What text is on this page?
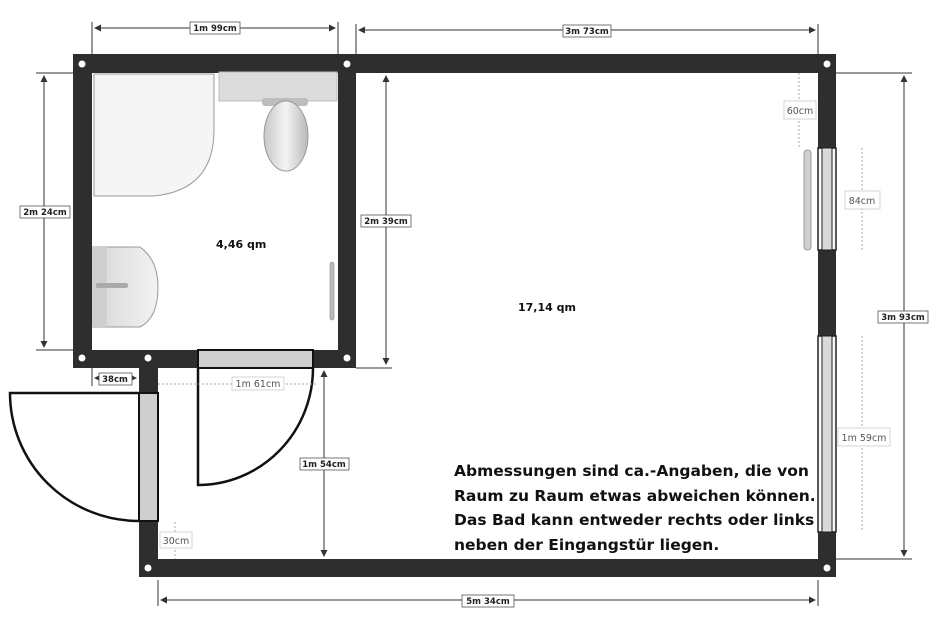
1m 99cm	3m 73cm
2m 24cm
2m 39cm
38cm	1m 61cm
1m 54cm
30cm
5m 34cm
3m 93cm
60cm
84cm
1m 59cm
4,46 qm
17,14 qm
Abmessungen sind ca.-Angaben, die von
Raum zu Raum etwas abweichen können.
Das Bad kann entweder rechts oder links
neben der Eingangstür liegen.
